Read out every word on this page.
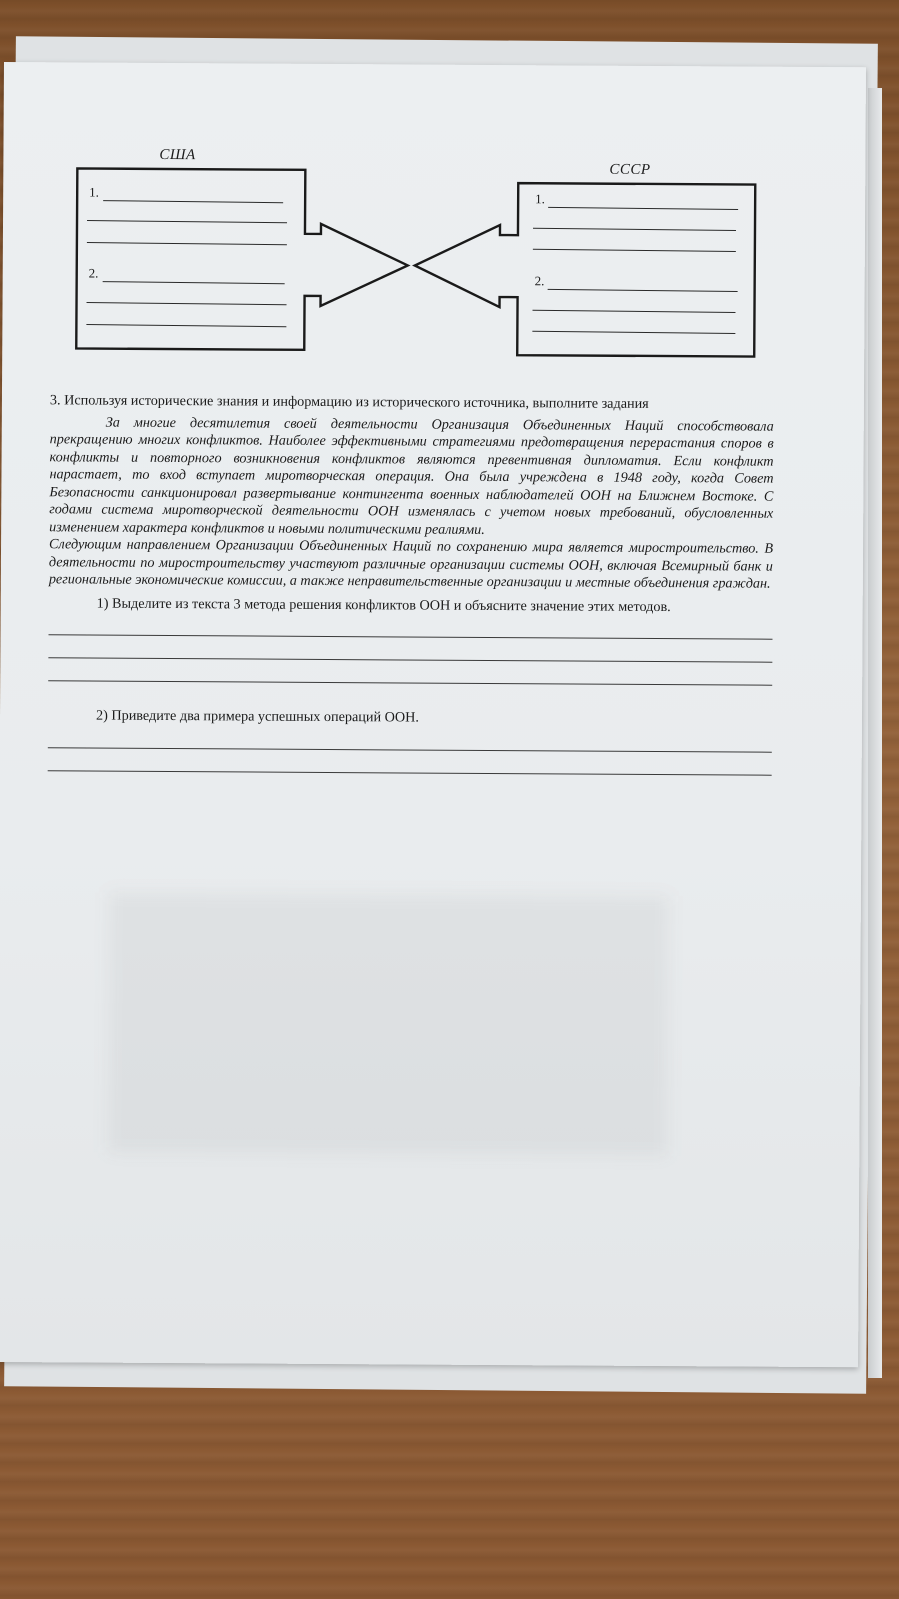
США
СССР
1.
2.
1.
2.

3. Используя исторические знания и информацию из исторического источника, выполните задания

За многие десятилетия своей деятельности Организация Объединенных Наций способствовала прекращению многих конфликтов. Наиболее эффективными стратегиями предотвращения перерастания споров в конфликты и повторного возникновения конфликтов являются превентивная дипломатия. Если конфликт нарастает, то вход вступает миротворческая операция. Она была учреждена в 1948 году, когда Совет Безопасности санкционировал развертывание контингента военных наблюдателей ООН на Ближнем Востоке. С годами система миротворческой деятельности ООН изменялась с учетом новых требований, обусловленных изменением характера конфликтов и новыми политическими реалиями.

Следующим направлением Организации Объединенных Наций по сохранению мира является миростроительство. В деятельности по миростроительству участвуют различные организации системы ООН, включая Всемирный банк и региональные экономические комиссии, а также неправительственные организации и местные объединения граждан.

1) Выделите из текста 3 метода решения конфликтов ООН и объясните значение этих методов.

2) Приведите два примера успешных операций ООН.
